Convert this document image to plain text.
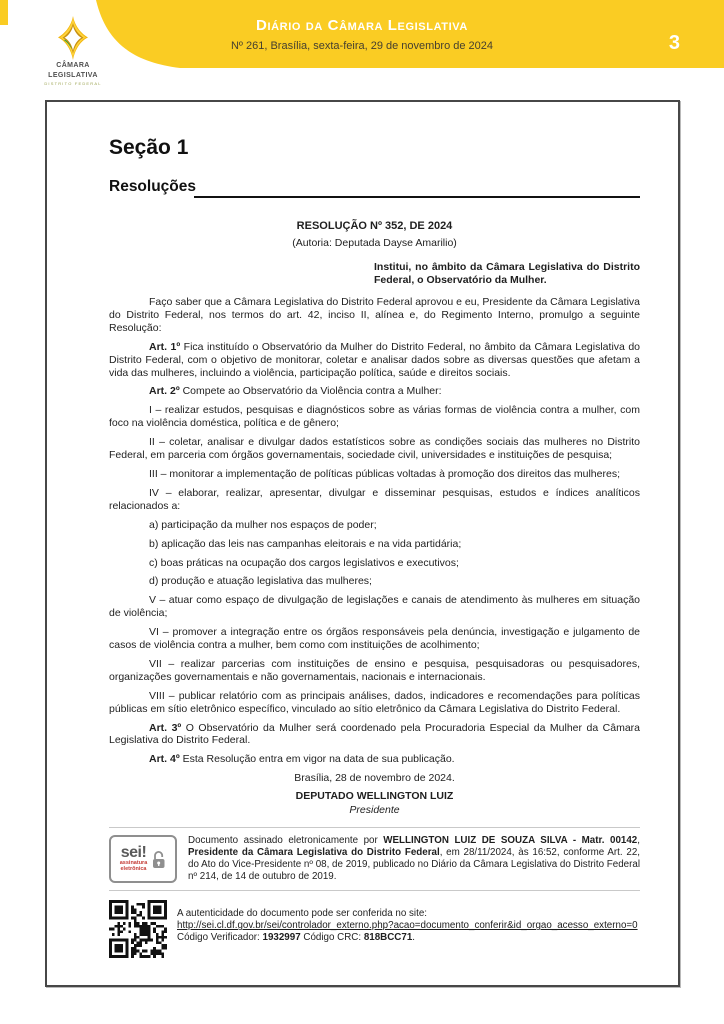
Diário da Câmara Legislativa
Nº 261, Brasília, sexta-feira, 29 de novembro de 2024	3
CÂMARA
LEGISLATIVA
DISTRITO FEDERAL
Seção 1
Resoluções
RESOLUÇÃO Nº 352, DE 2024
(Autoria: Deputada Dayse Amarilio)
Institui, no âmbito da Câmara Legislativa do Distrito Federal, o Observatório da Mulher.

Faço saber que a Câmara Legislativa do Distrito Federal aprovou e eu, Presidente da Câmara Legislativa do Distrito Federal, nos termos do art. 42, inciso II, alínea e, do Regimento Interno, promulgo a seguinte Resolução:

Art. 1º Fica instituído o Observatório da Mulher do Distrito Federal, no âmbito da Câmara Legislativa do Distrito Federal, com o objetivo de monitorar, coletar e analisar dados sobre as diversas questões que afetam a vida das mulheres, incluindo a violência, participação política, saúde e direitos sociais.

Art. 2º Compete ao Observatório da Violência contra a Mulher:

I – realizar estudos, pesquisas e diagnósticos sobre as várias formas de violência contra a mulher, com foco na violência doméstica, política e de gênero;

II – coletar, analisar e divulgar dados estatísticos sobre as condições sociais das mulheres no Distrito Federal, em parceria com órgãos governamentais, sociedade civil, universidades e instituições de pesquisa;

III – monitorar a implementação de políticas públicas voltadas à promoção dos direitos das mulheres;

IV – elaborar, realizar, apresentar, divulgar e disseminar pesquisas, estudos e índices analíticos relacionados a:

a) participação da mulher nos espaços de poder;

b) aplicação das leis nas campanhas eleitorais e na vida partidária;

c) boas práticas na ocupação dos cargos legislativos e executivos;

d) produção e atuação legislativa das mulheres;

V – atuar como espaço de divulgação de legislações e canais de atendimento às mulheres em situação de violência;

VI – promover a integração entre os órgãos responsáveis pela denúncia, investigação e julgamento de casos de violência contra a mulher, bem como com instituições de acolhimento;

VII – realizar parcerias com instituições de ensino e pesquisa, pesquisadoras ou pesquisadores, organizações governamentais e não governamentais, nacionais e internacionais.

VIII – publicar relatório com as principais análises, dados, indicadores e recomendações para políticas públicas em sítio eletrônico específico, vinculado ao sítio eletrônico da Câmara Legislativa do Distrito Federal.

Art. 3º O Observatório da Mulher será coordenado pela Procuradoria Especial da Mulher da Câmara Legislativa do Distrito Federal.

Art. 4º Esta Resolução entra em vigor na data de sua publicação.

Brasília, 28 de novembro de 2024.
DEPUTADO WELLINGTON LUIZ
Presidente
sei!
assinatura
eletrônica

Documento assinado eletronicamente por WELLINGTON LUIZ DE SOUZA SILVA - Matr. 00142, Presidente da Câmara Legislativa do Distrito Federal, em 28/11/2024, às 16:52, conforme Art. 22, do Ato do Vice-Presidente nº 08, de 2019, publicado no Diário da Câmara Legislativa do Distrito Federal nº 214, de 14 de outubro de 2019.

A autenticidade do documento pode ser conferida no site:
http://sei.cl.df.gov.br/sei/controlador_externo.php?acao=documento_conferir&id_orgao_acesso_externo=0
Código Verificador: 1932997 Código CRC: 818BCC71.
